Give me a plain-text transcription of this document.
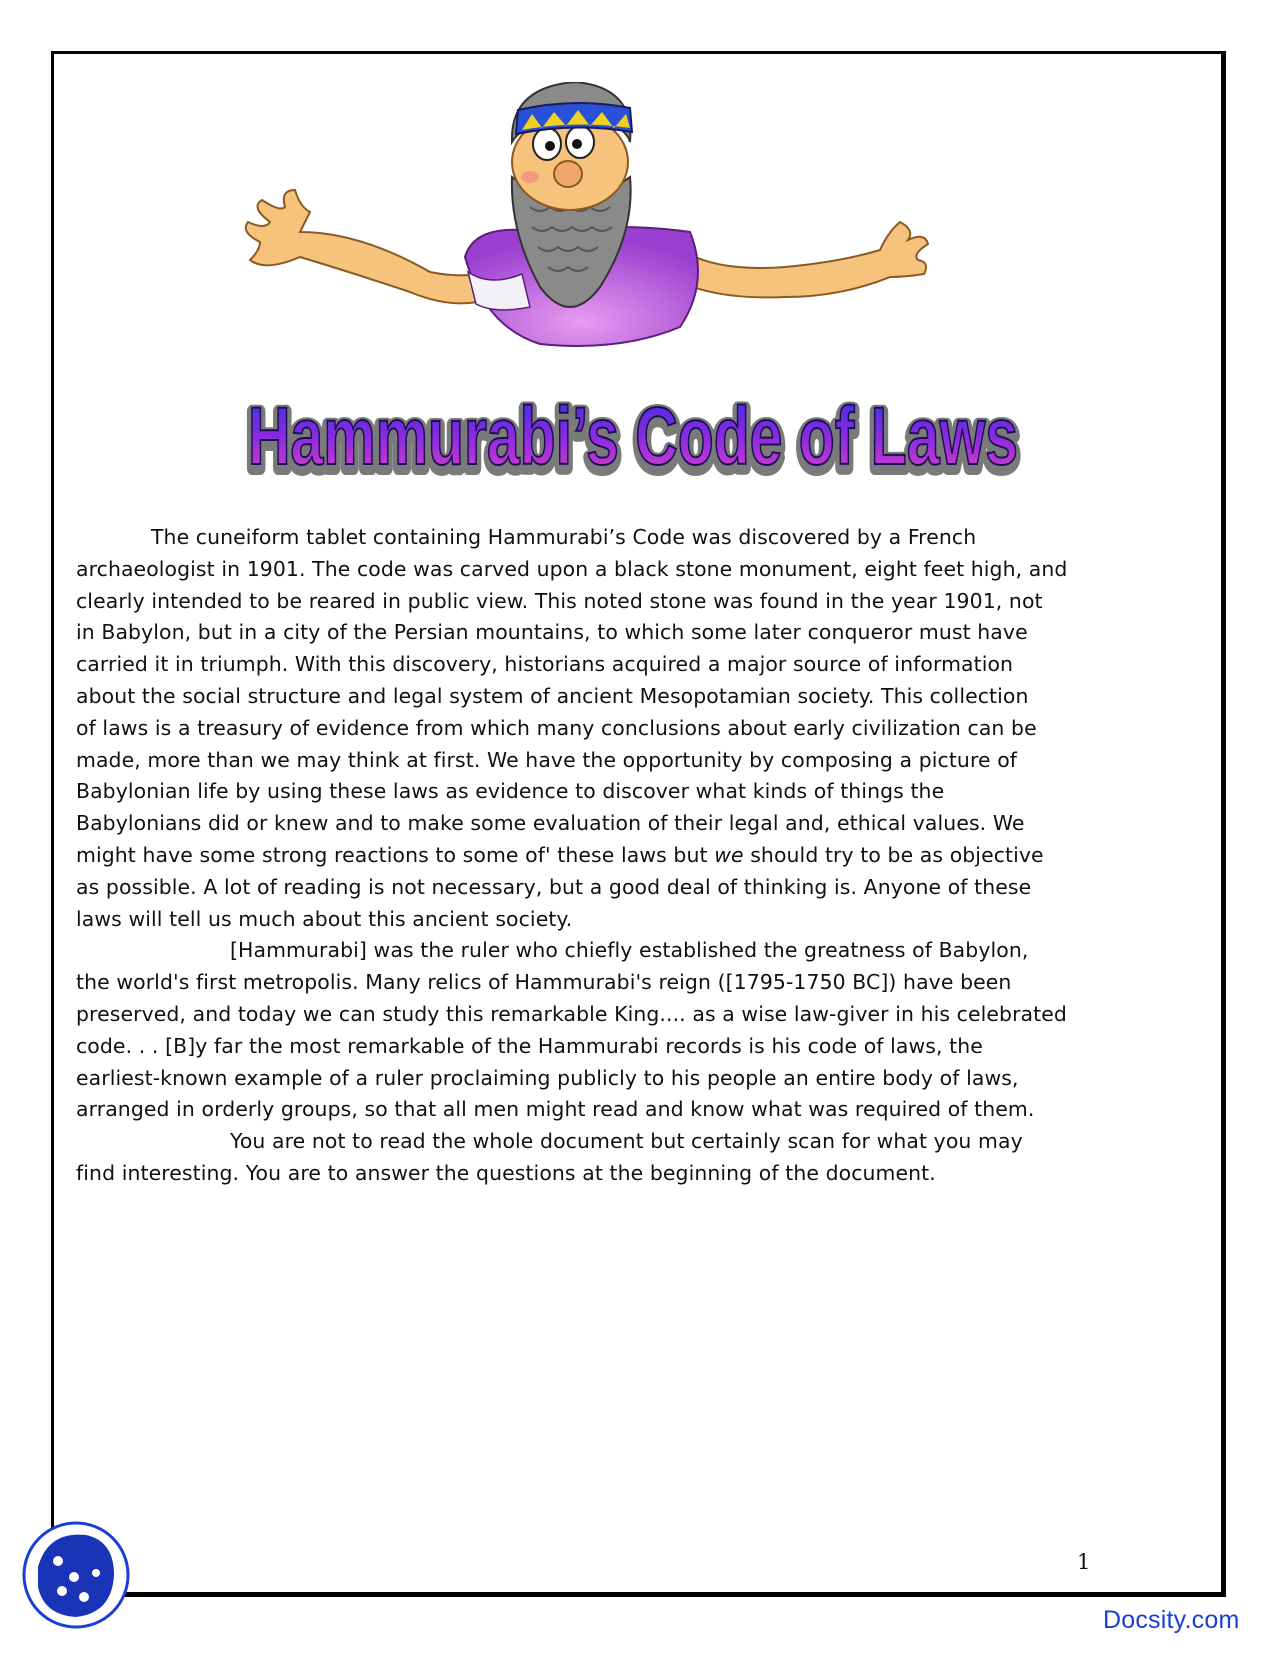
Hammurabi’s Code of Laws
Hammurabi’s Code of Laws

The cuneiform tablet containing Hammurabi’s Code was discovered by a French
archaeologist in 1901. The code was carved upon a black stone monument, eight feet high, and
clearly intended to be reared in public view. This noted stone was found in the year 1901, not
in Babylon, but in a city of the Persian mountains, to which some later conqueror must have
carried it in triumph. With this discovery, historians acquired a major source of information
about the social structure and legal system of ancient Mesopotamian society. This collection
of laws is a treasury of evidence from which many conclusions about early civilization can be
made, more than we may think at first. We have the opportunity by composing a picture of
Babylonian life by using these laws as evidence to discover what kinds of things the
Babylonians did or knew and to make some evaluation of their legal and, ethical values. We
might have some strong reactions to some of' these laws but we should try to be as objective
as possible. A lot of reading is not necessary, but a good deal of thinking is. Anyone of these
laws will tell us much about this ancient society.

[Hammurabi] was the ruler who chiefly established the greatness of Babylon,
the world's first metropolis. Many relics of Hammurabi's reign ([1795-1750 BC]) have been
preserved, and today we can study this remarkable King.... as a wise law-giver in his celebrated
code. . . [B]y far the most remarkable of the Hammurabi records is his code of laws, the
earliest-known example of a ruler proclaiming publicly to his people an entire body of laws,
arranged in orderly groups, so that all men might read and know what was required of them.

You are not to read the whole document but certainly scan for what you may
find interesting. You are to answer the questions at the beginning of the document.

1
Docsity.com
